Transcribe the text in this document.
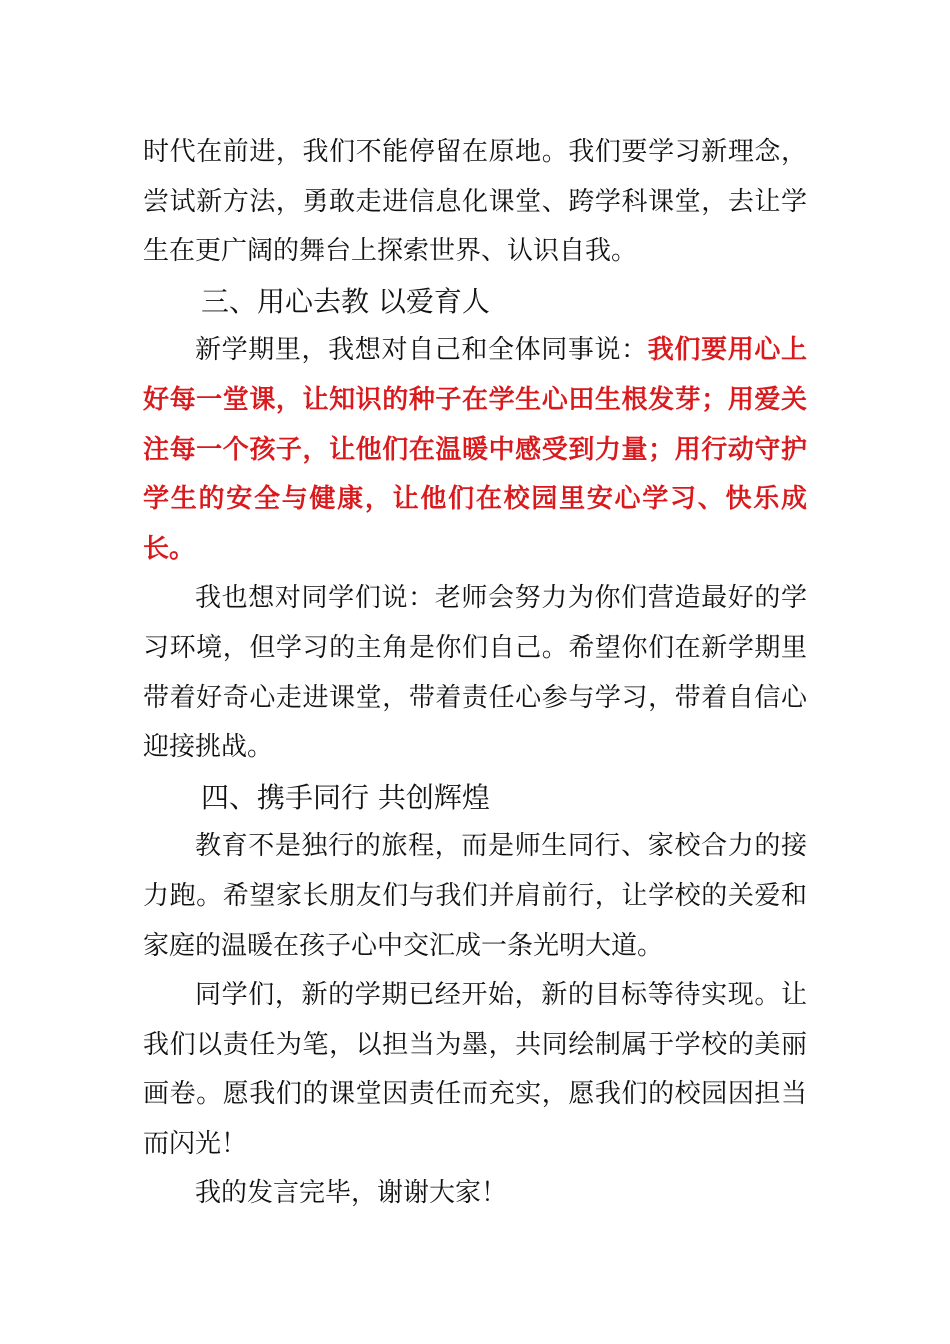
时代在前进，我们不能停留在原地。我们要学习新理念，尝试新方法，勇敢走进信息化课堂、跨学科课堂，去让学生在更广阔的舞台上探索世界、认识自我。

三、用心去教 以爱育人

新学期里，我想对自己和全体同事说：我们要用心上好每一堂课，让知识的种子在学生心田生根发芽；用爱关注每一个孩子，让他们在温暖中感受到力量；用行动守护学生的安全与健康，让他们在校园里安心学习、快乐成长。

我也想对同学们说：老师会努力为你们营造最好的学习环境，但学习的主角是你们自己。希望你们在新学期里带着好奇心走进课堂，带着责任心参与学习，带着自信心迎接挑战。

四、携手同行 共创辉煌

教育不是独行的旅程，而是师生同行、家校合力的接力跑。希望家长朋友们与我们并肩前行，让学校的关爱和家庭的温暖在孩子心中交汇成一条光明大道。

同学们，新的学期已经开始，新的目标等待实现。让我们以责任为笔，以担当为墨，共同绘制属于学校的美丽画卷。愿我们的课堂因责任而充实，愿我们的校园因担当而闪光！

我的发言完毕，谢谢大家！
